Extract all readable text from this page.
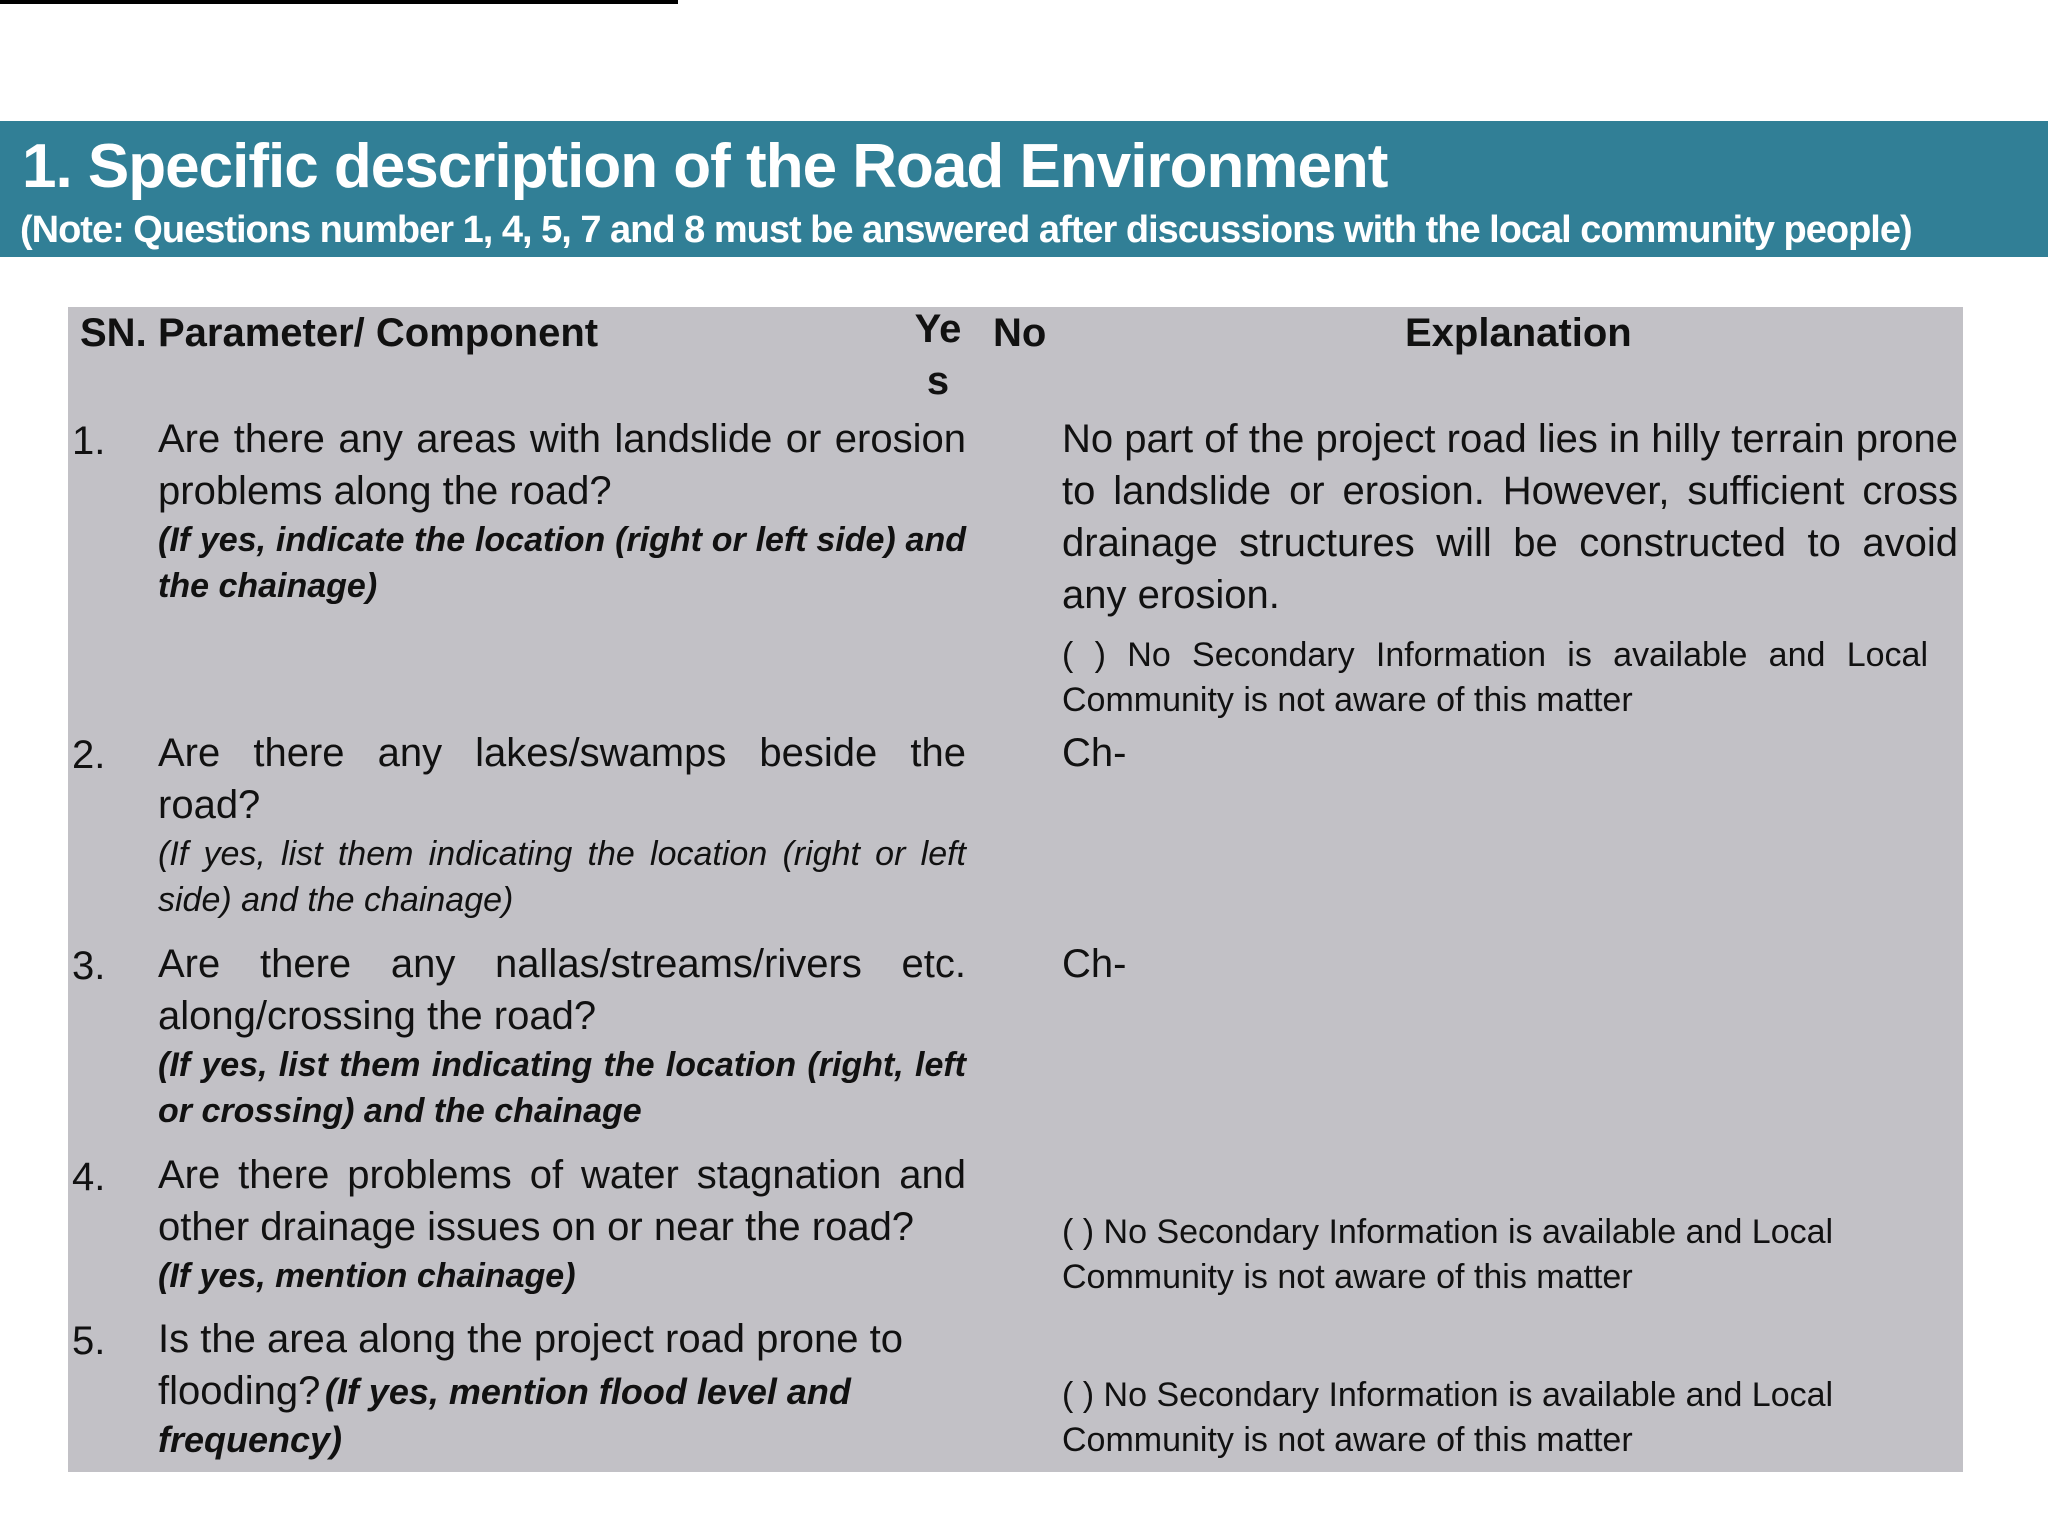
1. Specific description of the Road Environment
(Note: Questions number 1, 4, 5, 7 and 8 must be answered after discussions with the local community people)
SN. Parameter/ Component	Ye s
No	Explanation
1. Are there any areas with landslide or erosion problems along the road?
(If yes, indicate the location (right or left side) and the chainage)
No part of the project road lies in hilly terrain prone to landslide or erosion. However, sufficient cross drainage structures will be constructed to avoid any erosion.
( ) No Secondary Information is available and Local Community is not aware of this matter
2. Are there any lakes/swamps beside the road?
(If yes, list them indicating the location (right or left side) and the chainage)
Ch-
3. Are there any nallas/streams/rivers etc. along/crossing the road?
(If yes, list them indicating the location (right, left or crossing) and the chainage
Ch-
4. Are there problems of water stagnation and other drainage issues on or near the road?
(If yes, mention chainage)
( ) No Secondary Information is available and Local Community is not aware of this matter
5. Is the area along the project road prone to flooding? (If yes, mention flood level and frequency)
( ) No Secondary Information is available and Local Community is not aware of this matter
